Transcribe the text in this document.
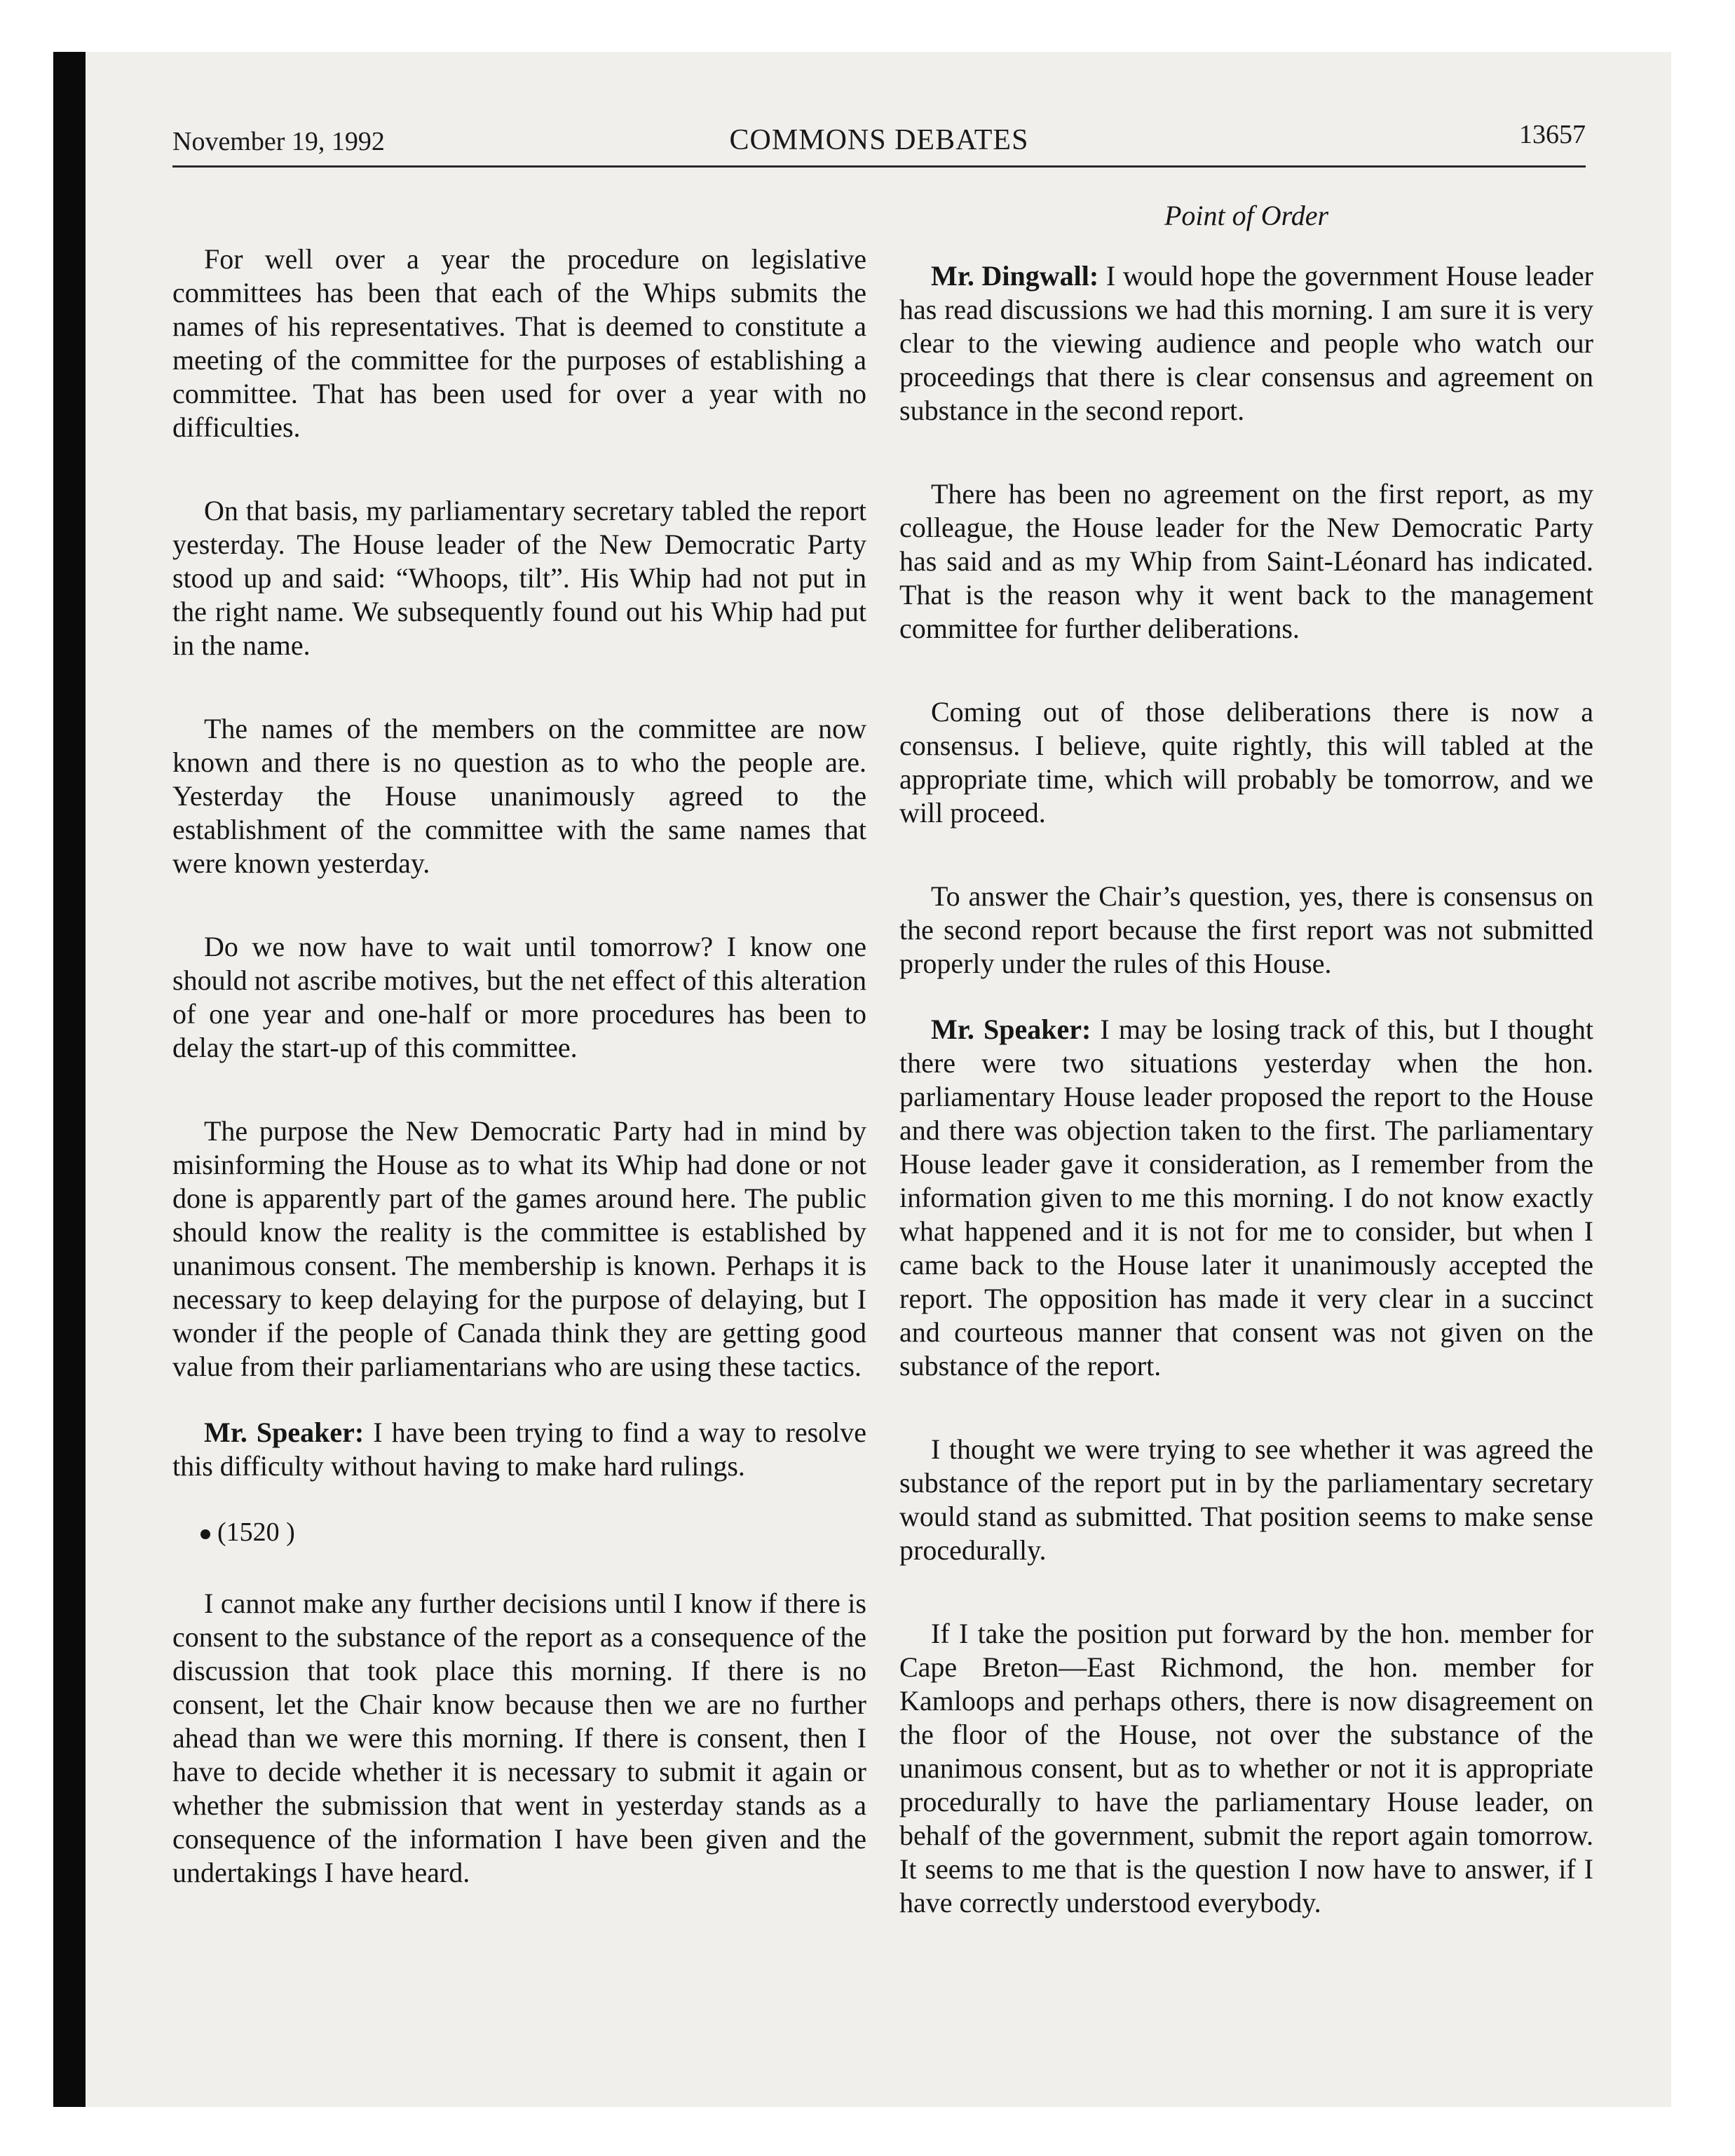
November 19, 1992	COMMONS DEBATES	13657

For well over a year the procedure on legislative committees has been that each of the Whips submits the names of his representatives. That is deemed to constitute a meeting of the committee for the purposes of establishing a committee. That has been used for over a year with no difficulties.

On that basis, my parliamentary secretary tabled the report yesterday. The House leader of the New Democratic Party stood up and said: “Whoops, tilt”. His Whip had not put in the right name. We subsequently found out his Whip had put in the name.

The names of the members on the committee are now known and there is no question as to who the people are. Yesterday the House unanimously agreed to the establishment of the committee with the same names that were known yesterday.

Do we now have to wait until tomorrow? I know one should not ascribe motives, but the net effect of this alteration of one year and one-half or more procedures has been to delay the start-up of this committee.

The purpose the New Democratic Party had in mind by misinforming the House as to what its Whip had done or not done is apparently part of the games around here. The public should know the reality is the committee is established by unanimous consent. The membership is known. Perhaps it is necessary to keep delaying for the purpose of delaying, but I wonder if the people of Canada think they are getting good value from their parliamentarians who are using these tactics.

Mr. Speaker: I have been trying to find a way to resolve this difficulty without having to make hard rulings.

(1520 )

I cannot make any further decisions until I know if there is consent to the substance of the report as a consequence of the discussion that took place this morning. If there is no consent, let the Chair know because then we are no further ahead than we were this morning. If there is consent, then I have to decide whether it is necessary to submit it again or whether the submission that went in yesterday stands as a consequence of the information I have been given and the undertakings I have heard.

Point of Order

Mr. Dingwall: I would hope the government House leader has read discussions we had this morning. I am sure it is very clear to the viewing audience and people who watch our proceedings that there is clear consensus and agreement on substance in the second report.

There has been no agreement on the first report, as my colleague, the House leader for the New Democratic Party has said and as my Whip from Saint-Léonard has indicated. That is the reason why it went back to the management committee for further deliberations.

Coming out of those deliberations there is now a consensus. I believe, quite rightly, this will tabled at the appropriate time, which will probably be tomorrow, and we will proceed.

To answer the Chair’s question, yes, there is consensus on the second report because the first report was not submitted properly under the rules of this House.

Mr. Speaker: I may be losing track of this, but I thought there were two situations yesterday when the hon. parliamentary House leader proposed the report to the House and there was objection taken to the first. The parliamentary House leader gave it consideration, as I remember from the information given to me this morning. I do not know exactly what happened and it is not for me to consider, but when I came back to the House later it unanimously accepted the report. The opposition has made it very clear in a succinct and courteous manner that consent was not given on the substance of the report.

I thought we were trying to see whether it was agreed the substance of the report put in by the parliamentary secretary would stand as submitted. That position seems to make sense procedurally.

If I take the position put forward by the hon. member for Cape Breton—East Richmond, the hon. member for Kamloops and perhaps others, there is now disagreement on the floor of the House, not over the substance of the unanimous consent, but as to whether or not it is appropriate procedurally to have the parliamentary House leader, on behalf of the government, submit the report again tomorrow. It seems to me that is the question I now have to answer, if I have correctly understood everybody.
